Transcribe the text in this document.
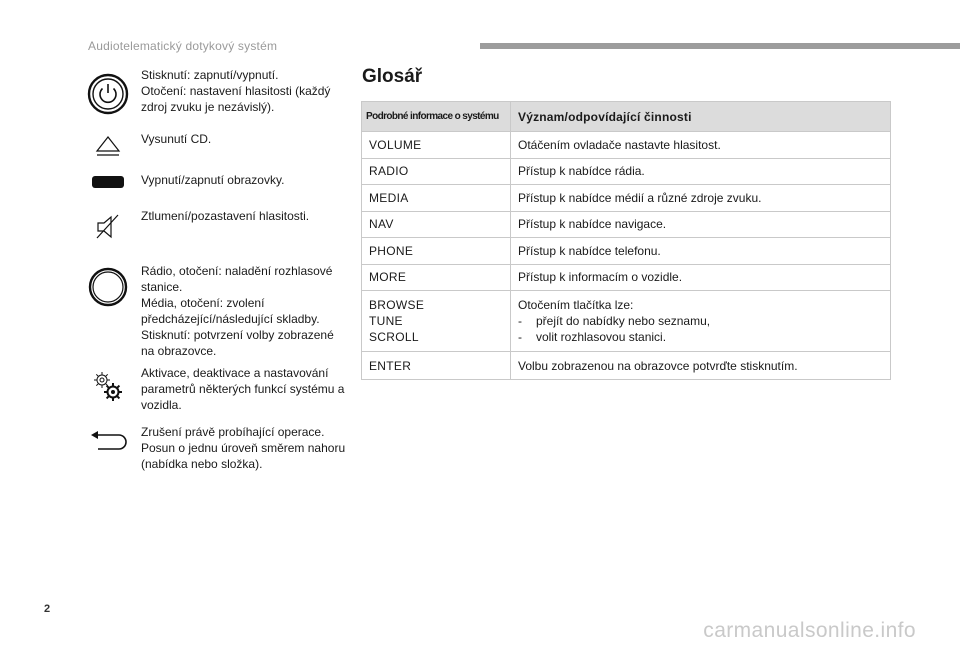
Audiotelematický dotykový systém
Stisknutí: zapnutí/vypnutí.
Otočení: nastavení hlasitosti (každý zdroj zvuku je nezávislý).
Vysunutí CD.
Vypnutí/zapnutí obrazovky.
Ztlumení/pozastavení hlasitosti.
Rádio, otočení: naladění rozhlasové stanice.
Média, otočení: zvolení předcházející/následující skladby.
Stisknutí: potvrzení volby zobrazené na obrazovce.
Aktivace, deaktivace a nastavování parametrů některých funkcí systému a vozidla.
Zrušení právě probíhající operace.
Posun o jednu úroveň směrem nahoru (nabídka nebo složka).
Glosář
Podrobné informace o systému	Význam/odpovídající činnosti
VOLUME	Otáčením ovladače nastavte hlasitost.
RADIO	Přístup k nabídce rádia.
MEDIA	Přístup k nabídce médií a různé zdroje zvuku.
NAV	Přístup k nabídce navigace.
PHONE	Přístup k nabídce telefonu.
MORE	Přístup k informacím o vozidle.

BROWSE
TUNE
SCROLL	Otočením tlačítka lze:
- přejít do nabídky nebo seznamu,
- volit rozhlasovou stanici.

ENTER	Volbu zobrazenou na obrazovce potvrďte stisknutím.
2
carmanualsonline.info
